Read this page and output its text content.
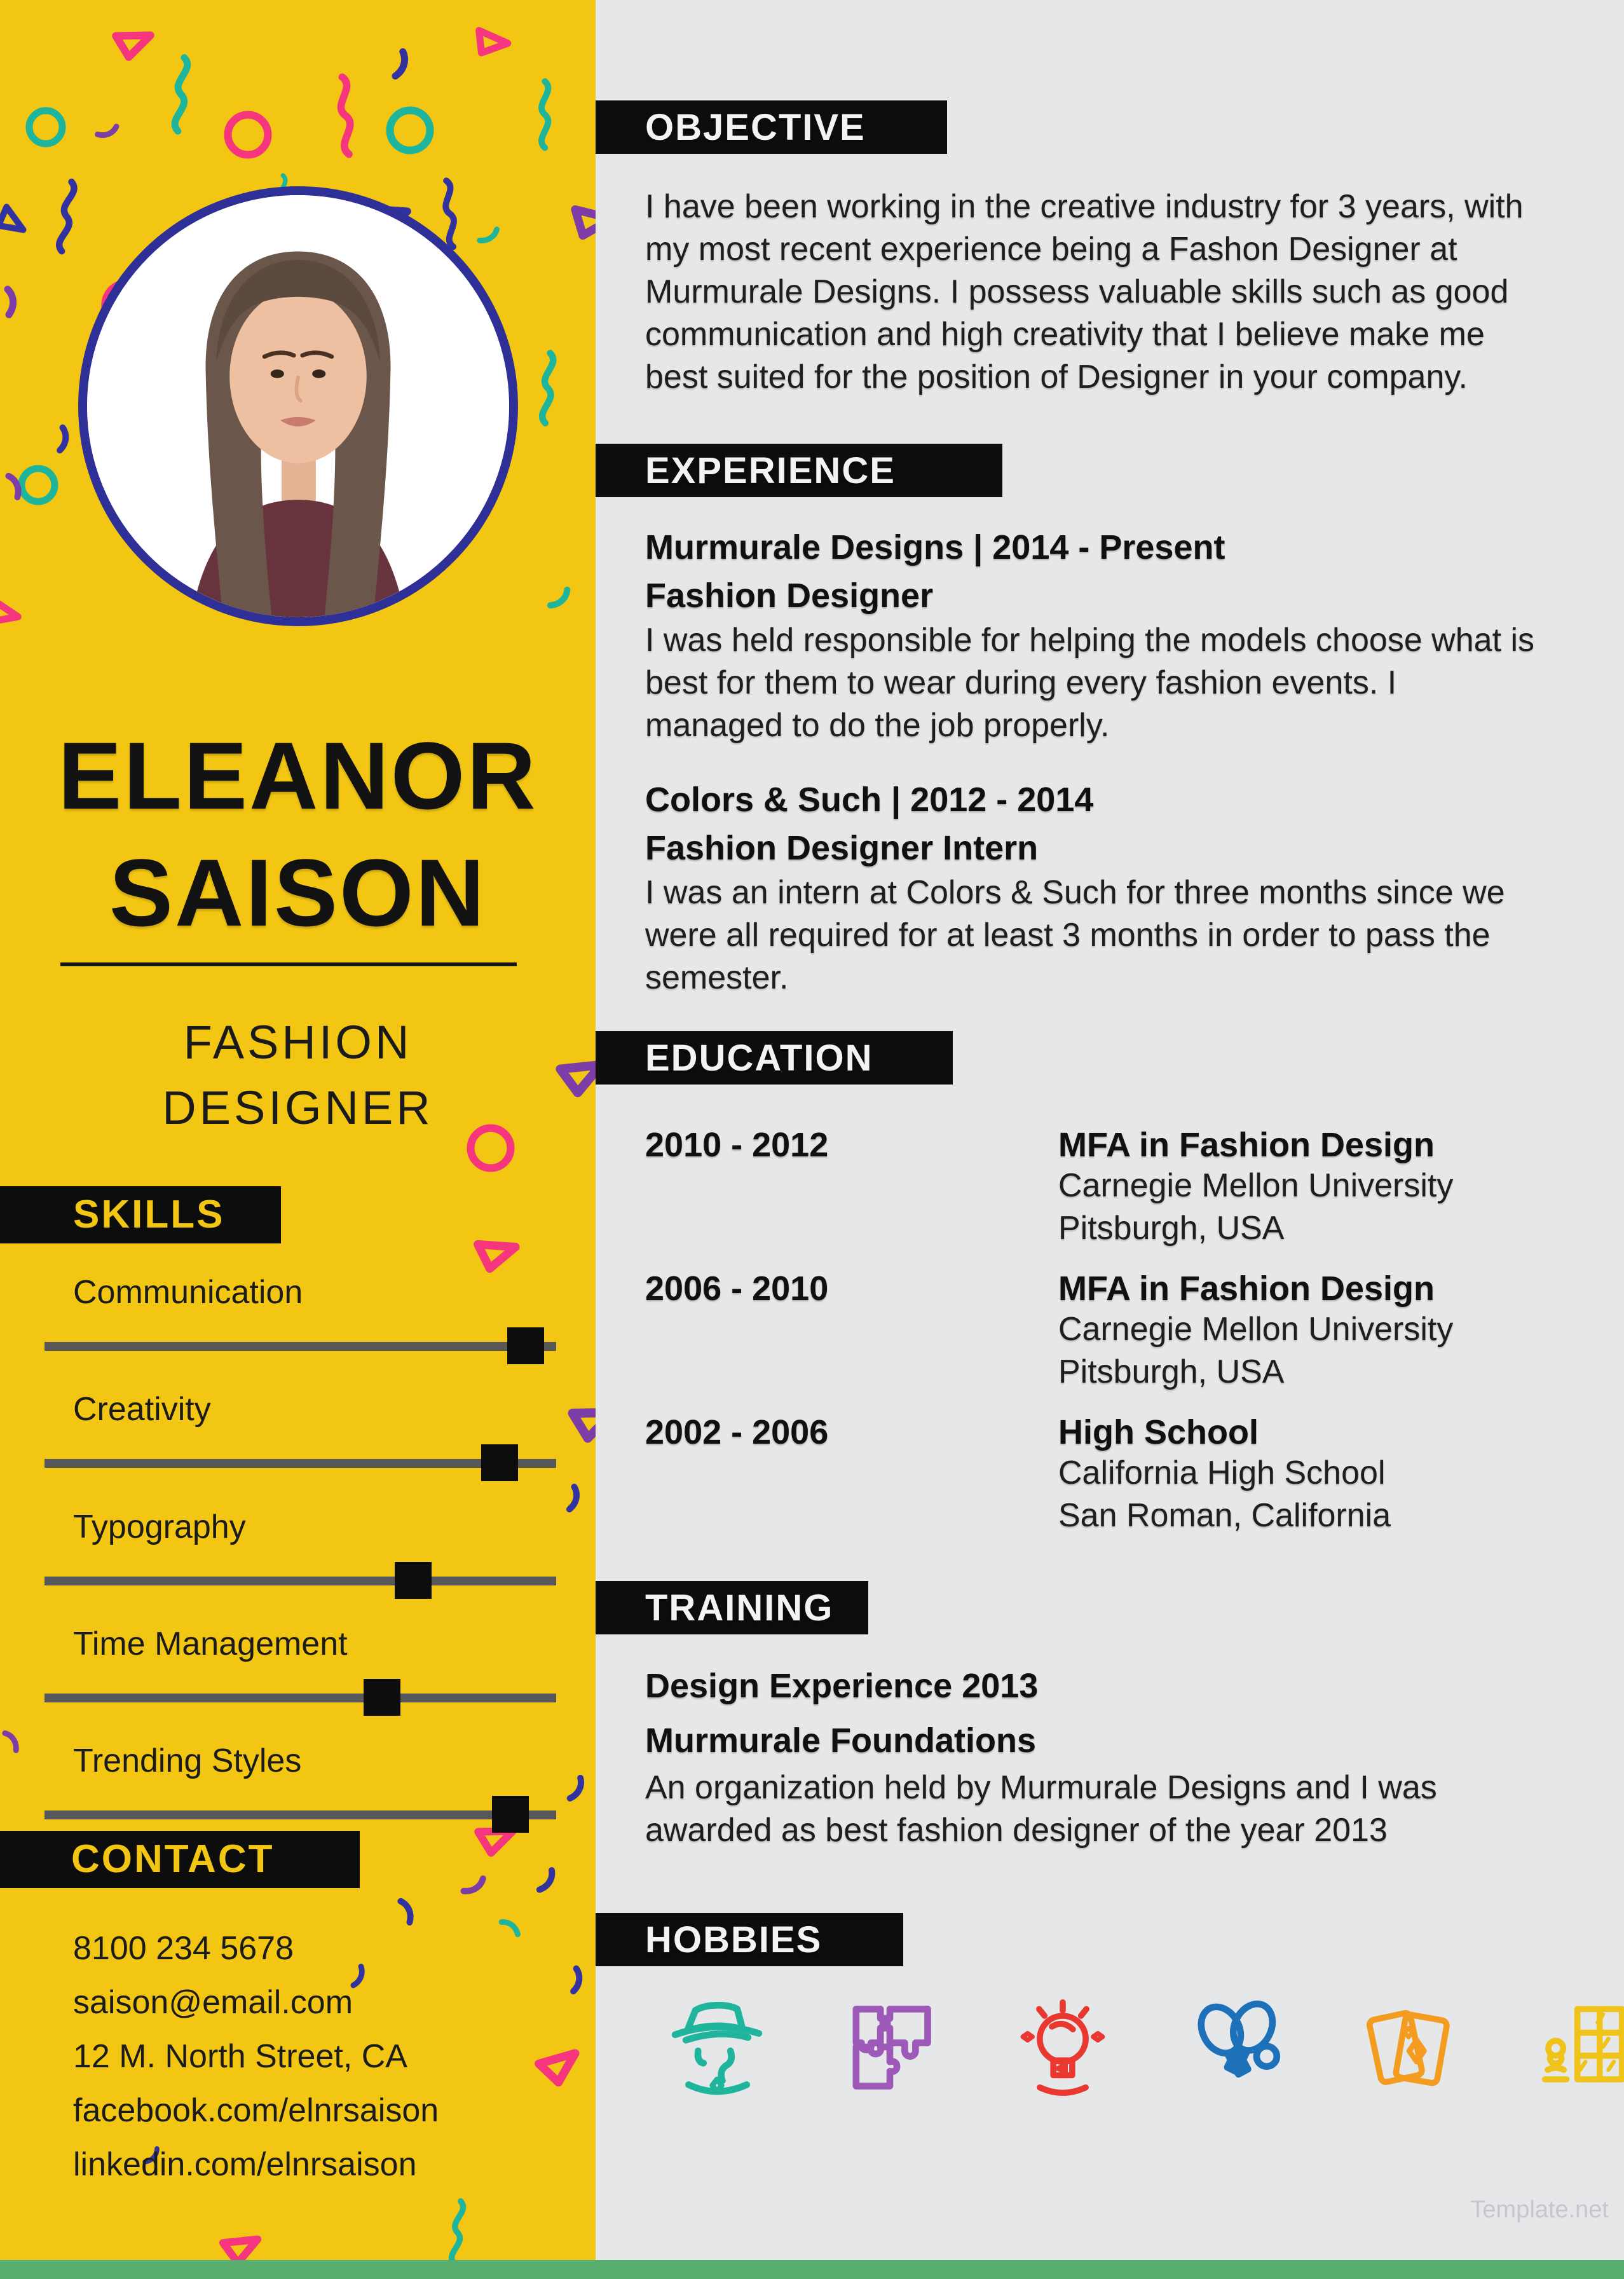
ELEANOR
SAISON
FASHION
DESIGNER
SKILLS
Communication
Creativity
Typography
Time Management
Trending Styles
CONTACT
8100 234 5678
saison@email.com
12 M. North Street, CA
facebook.com/elnrsaison
linkedin.com/elnrsaison
OBJECTIVE
I have been working in the creative industry for 3 years, with my most recent experience being a Fashon Designer at Murmurale Designs. I possess valuable skills such as good communication and high creativity that I believe make me best suited for the position of Designer in your company.
EXPERIENCE
Murmurale Designs | 2014 - Present
Fashion Designer
I was held responsible for helping the models choose what is best for them to wear during every fashion events. I managed to do the job properly.
Colors & Such | 2012 - 2014
Fashion Designer Intern
I was an intern at Colors & Such for three months since we were all required for at least 3 months in order to pass the semester.
EDUCATION
2010 - 2012	MFA in Fashion Design
Carnegie Mellon University
Pitsburgh, USA
2006 - 2010	MFA in Fashion Design
Carnegie Mellon University
Pitsburgh, USA
2002 - 2006	High School
California High School
San Roman, California
TRAINING
Design Experience 2013
Murmurale Foundations
An organization held by Murmurale Designs and I was awarded as best fashion designer of the year 2013
HOBBIES
Template.net
